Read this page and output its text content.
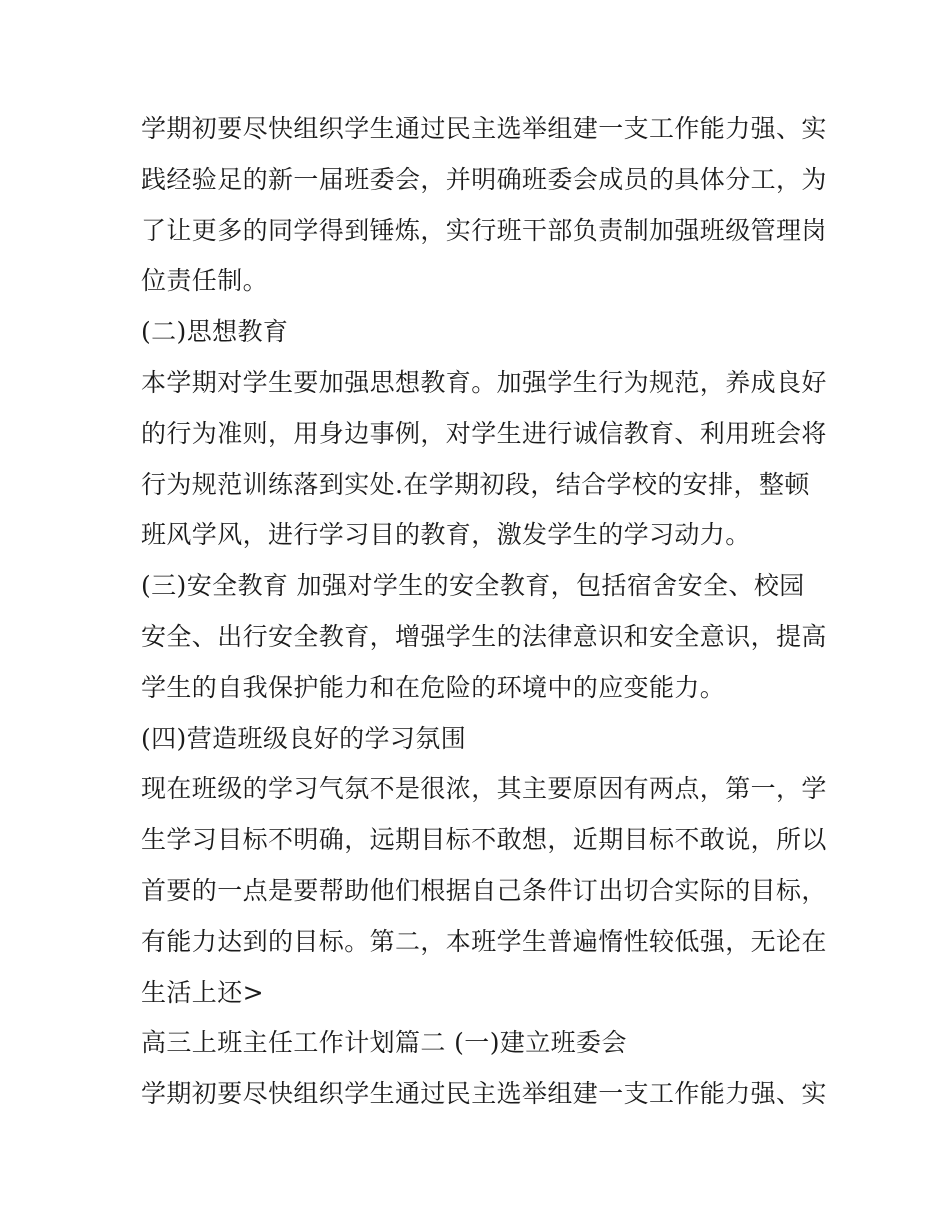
学期初要尽快组织学生通过民主选举组建一支工作能力强、实
践经验足的新一届班委会，并明确班委会成员的具体分工，为
了让更多的同学得到锤炼，实行班干部负责制加强班级管理岗
位责任制。
(二)思想教育
本学期对学生要加强思想教育。加强学生行为规范，养成良好
的行为准则，用身边事例，对学生进行诚信教育、利用班会将
行为规范训练落到实处.在学期初段，结合学校的安排，整顿
班风学风，进行学习目的教育，激发学生的学习动力。
(三)安全教育 加强对学生的安全教育，包括宿舍安全、校园
安全、出行安全教育，增强学生的法律意识和安全意识，提高
学生的自我保护能力和在危险的环境中的应变能力。
(四)营造班级良好的学习氛围
现在班级的学习气氛不是很浓，其主要原因有两点，第一，学
生学习目标不明确，远期目标不敢想，近期目标不敢说，所以
首要的一点是要帮助他们根据自己条件订出切合实际的目标，
有能力达到的目标。第二，本班学生普遍惰性较低强，无论在
生活上还>
高三上班主任工作计划篇二 (一)建立班委会
学期初要尽快组织学生通过民主选举组建一支工作能力强、实
